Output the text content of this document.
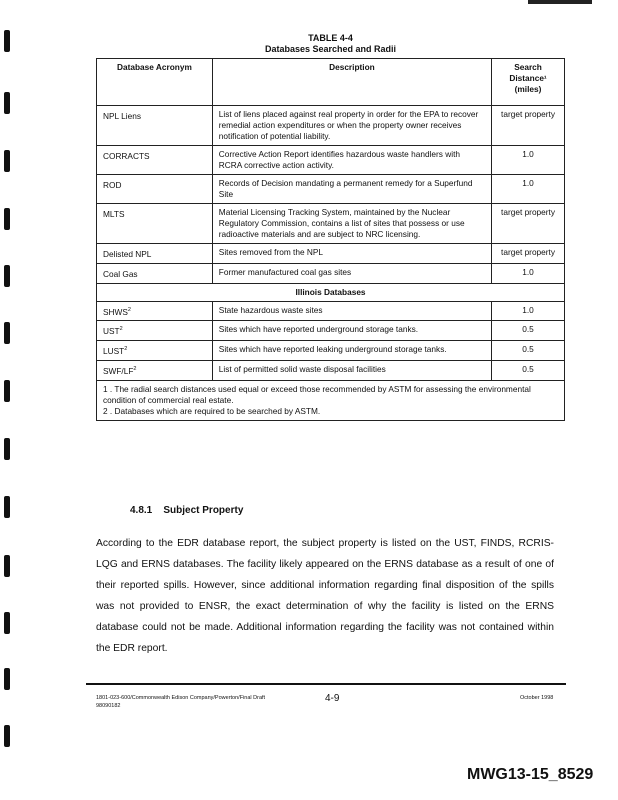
TABLE 4-4
Databases Searched and Radii
Database Acronym	Description	Search Distance¹ (miles)
NPL Liens	List of liens placed against real property in order for the EPA to recover remedial action expenditures or when the property owner receives notification of potential liability.	target property
CORRACTS	Corrective Action Report identifies hazardous waste handlers with RCRA corrective action activity.	1.0
ROD	Records of Decision mandating a permanent remedy for a Superfund Site	1.0
MLTS	Material Licensing Tracking System, maintained by the Nuclear Regulatory Commission, contains a list of sites that possess or use radioactive materials and are subject to NRC licensing.	target property
Delisted NPL	Sites removed from the NPL	target property
Coal Gas	Former manufactured coal gas sites	1.0
Illinois Databases		
SHWS$^2$	State hazardous waste sites	1.0
UST$^2$	Sites which have reported underground storage tanks.	0.5
LUST$^2$	Sites which have reported leaking underground storage tanks.	0.5
SWF/$LF^2$	List of permitted solid waste disposal facilities	0.5

1 . The radial search distances used equal or exceed those recommended by ASTM for assessing the environmental condition of commercial real estate.
2 . Databases which are required to be searched by ASTM.		
4.8.1    Subject Property
According to the EDR database report, the subject property is listed on the UST, FINDS, RCRIS-LQG and ERNS databases. The facility likely appeared on the ERNS database as a result of one of their reported spills. However, since additional information regarding final disposition of the spills was not provided to ENSR, the exact determination of why the facility is listed on the ERNS database could not be made. Additional information regarding the facility was not contained within the EDR report.
1801-023-600/Commonwealth Edison Company/Powerton/Final Draft
98090182
4-9	October 1998
MWG13-15_8529
